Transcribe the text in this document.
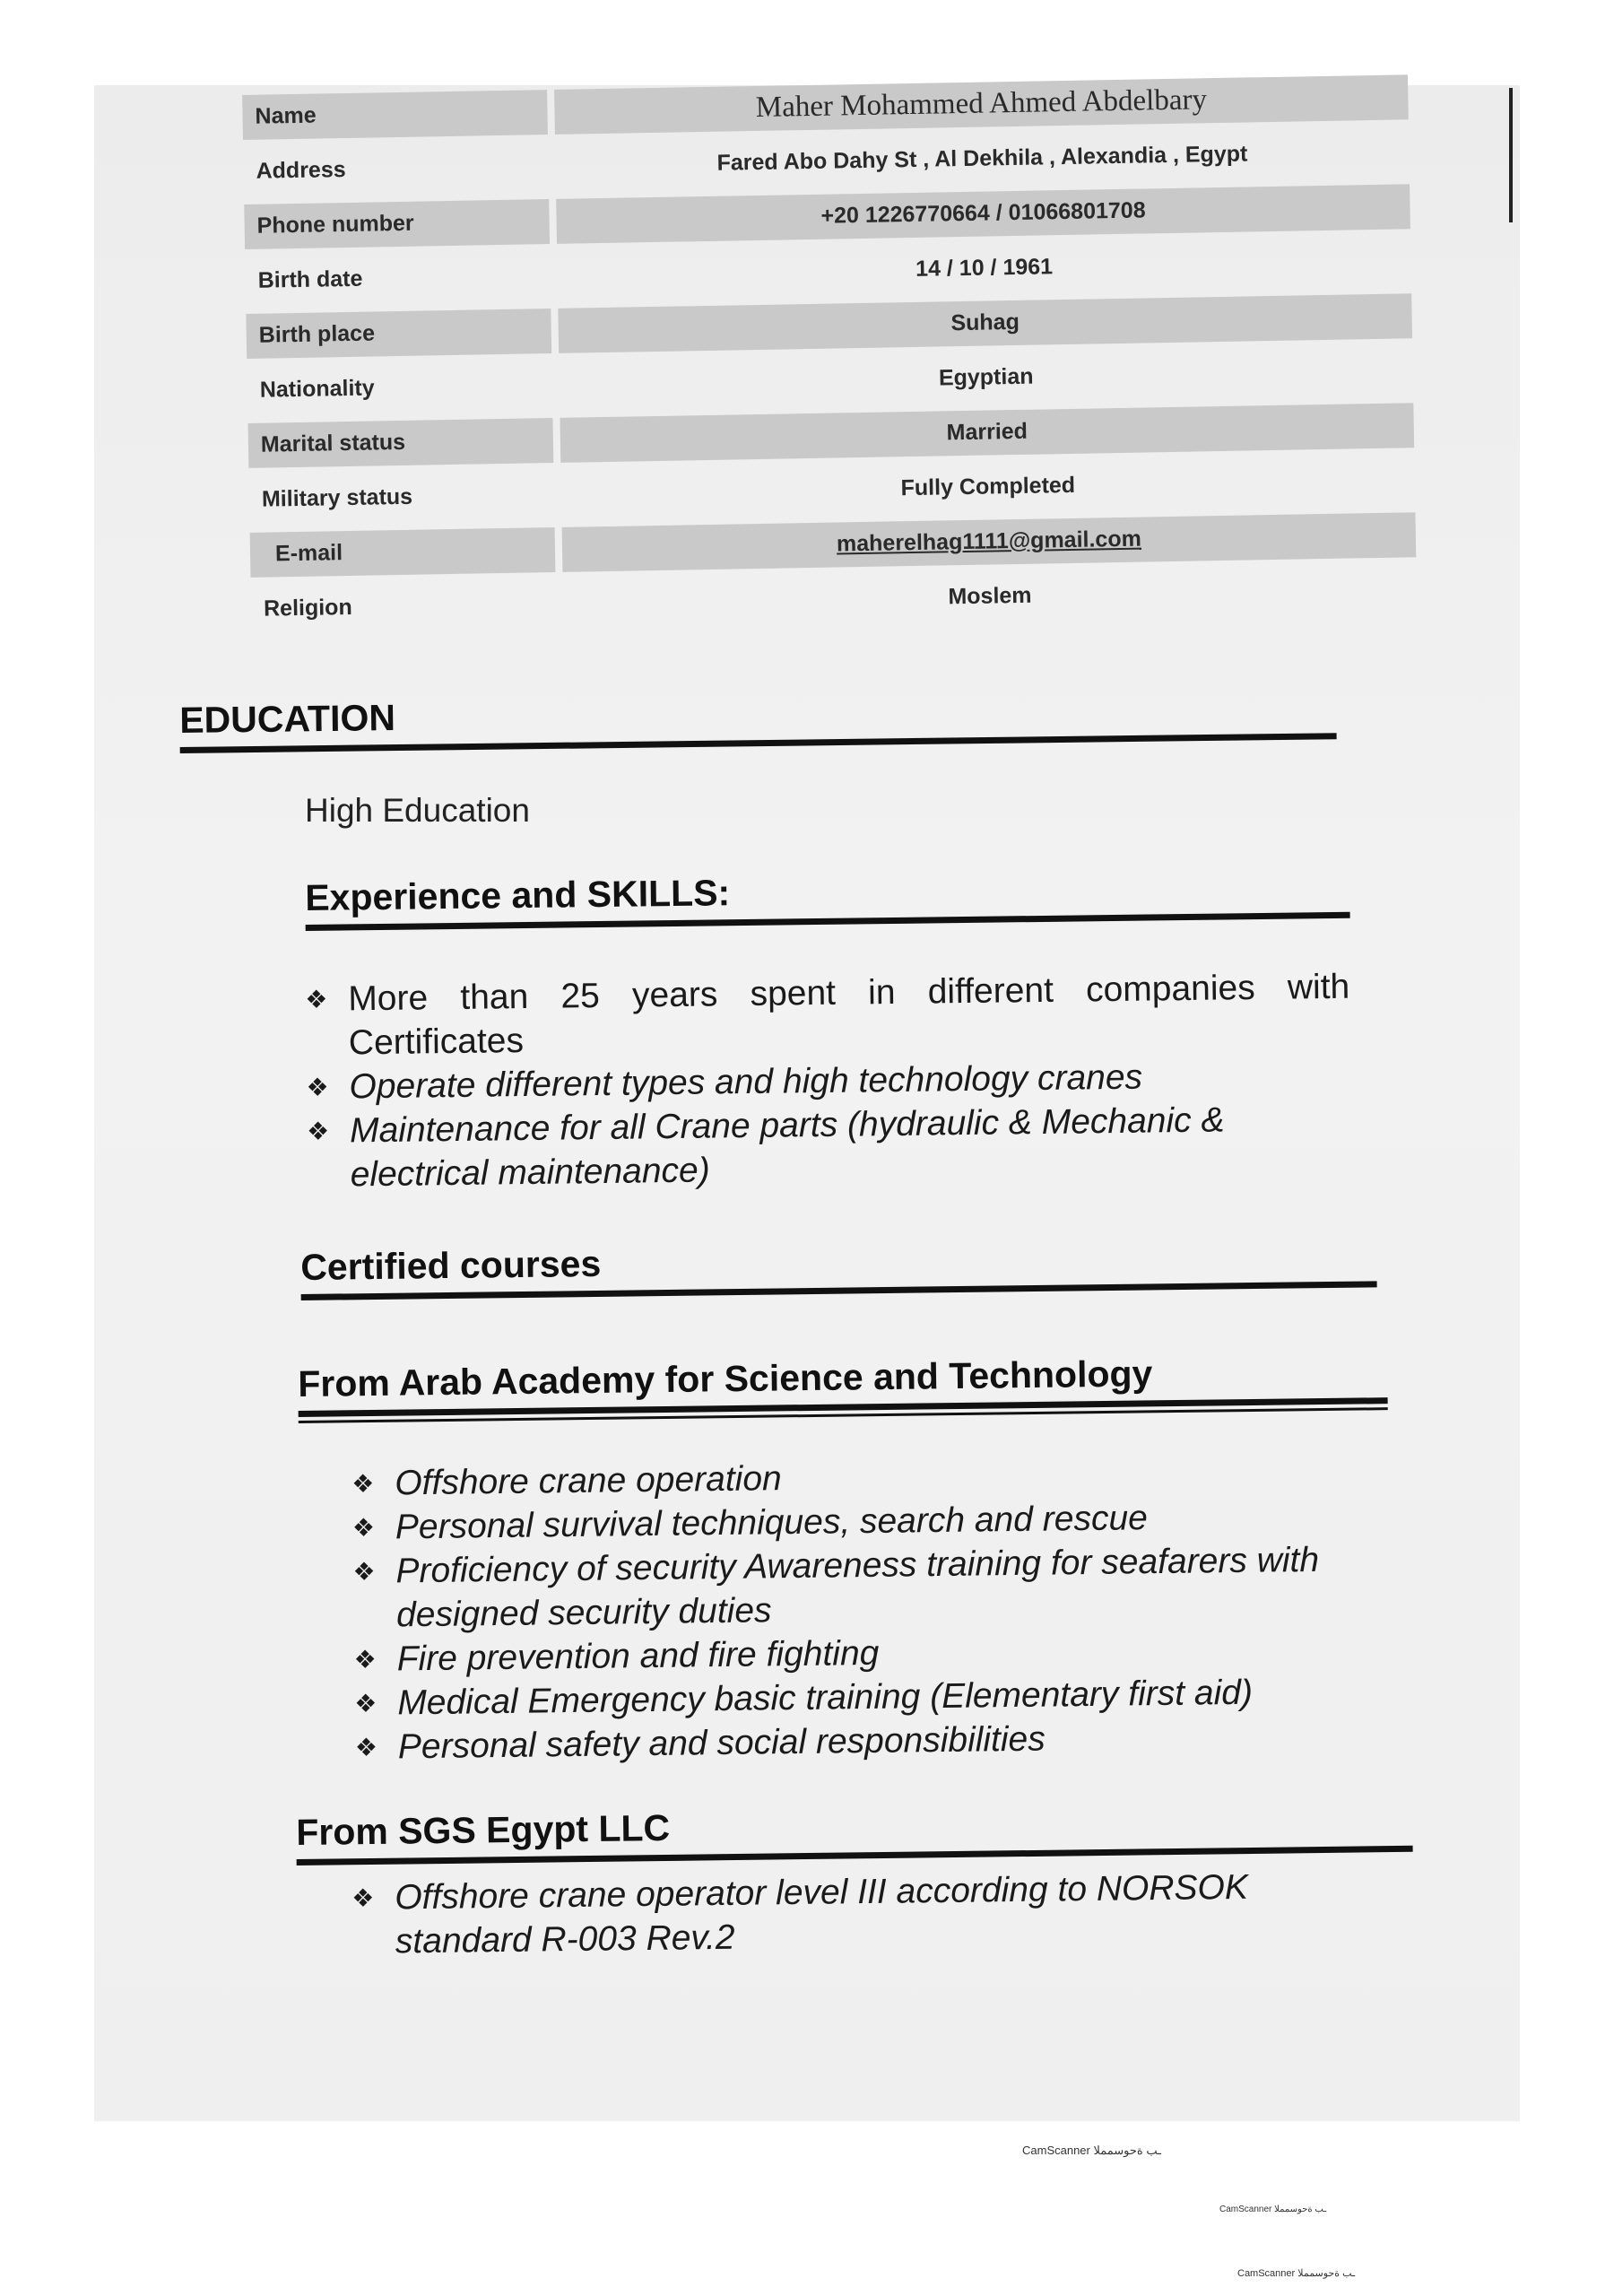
Name	Maher Mohammed Ahmed Abdelbary
Address	Fared Abo Dahy St , Al Dekhila , Alexandia , Egypt
Phone number	+20 1226770664 / 01066801708
Birth date	14 / 10 / 1961
Birth place	Suhag
Nationality	Egyptian
Marital status	Married
Military status	Fully Completed
E-mail	maherelhag1111@gmail.com
Religion	Moslem
EDUCATION
High Education
Experience and SKILLS:
❖ More than 25 years spent in different companies with Certificates
❖ Operate different types and high technology cranes
❖ Maintenance for all Crane parts (hydraulic & Mechanic & electrical maintenance)
Certified courses
From Arab Academy for Science and Technology
❖ Offshore crane operation
❖ Personal survival techniques, search and rescue
❖ Proficiency of security Awareness training for seafarers with designed security duties
❖ Fire prevention and fire fighting
❖ Medical Emergency basic training (Elementary first aid)
❖ Personal safety and social responsibilities
From SGS Egypt LLC
❖ Offshore crane operator level III according to NORSOK standard R-003 Rev.2
CamScanner ـب ةحوسمملا
CamScanner ـب ةحوسمملا
CamScanner ـب ةحوسمملا
